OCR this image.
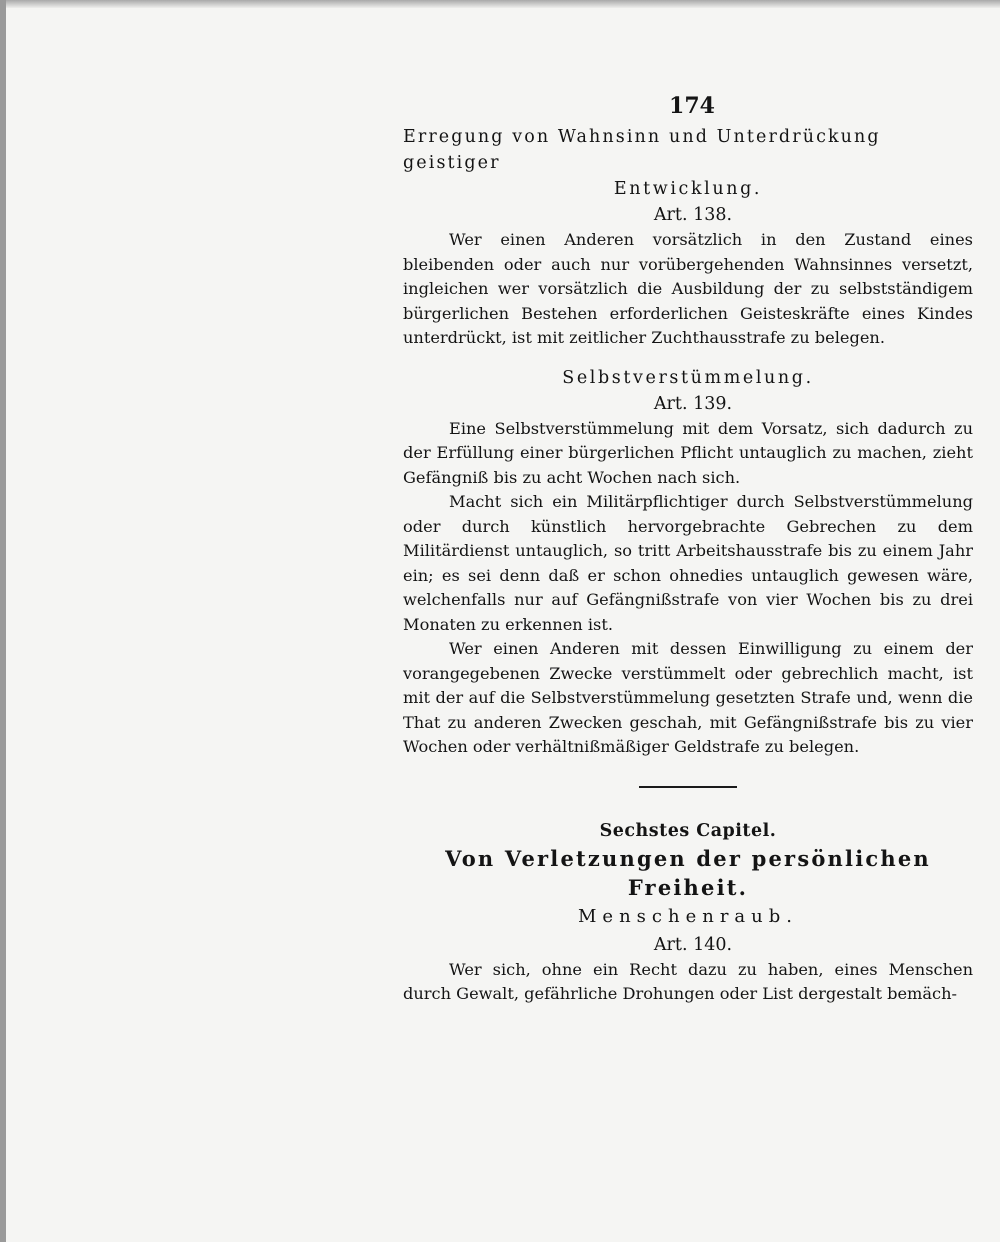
174
Erregung von Wahnsinn und Unterdrückung geistiger
Entwicklung.
Art. 138.

Wer einen Anderen vorsätzlich in den Zustand eines bleibenden oder auch nur vorübergehenden Wahnsinnes versetzt, ingleichen wer vorsätzlich die Ausbildung der zu selbstständigem bürgerlichen Bestehen erforderlichen Geisteskräfte eines Kindes unterdrückt, ist mit zeitlicher Zuchthausstrafe zu belegen.

Selbstverstümmelung.
Art. 139.

Eine Selbstverstümmelung mit dem Vorsatz, sich dadurch zu der Erfüllung einer bürgerlichen Pflicht untauglich zu machen, zieht Gefängniß bis zu acht Wochen nach sich.

Macht sich ein Militärpflichtiger durch Selbstverstümmelung oder durch künstlich hervorgebrachte Gebrechen zu dem Militärdienst untauglich, so tritt Arbeitshausstrafe bis zu einem Jahr ein; es sei denn daß er schon ohnedies untauglich gewesen wäre, welchenfalls nur auf Gefängnißstrafe von vier Wochen bis zu drei Monaten zu erkennen ist.

Wer einen Anderen mit dessen Einwilligung zu einem der vorangegebenen Zwecke verstümmelt oder gebrechlich macht, ist mit der auf die Selbstverstümmelung gesetzten Strafe und, wenn die That zu anderen Zwecken geschah, mit Gefängnißstrafe bis zu vier Wochen oder verhältnißmäßiger Geldstrafe zu belegen.

Sechstes Capitel.
Von Verletzungen der persönlichen
Freiheit.
Menschenraub.
Art. 140.

Wer sich, ohne ein Recht dazu zu haben, eines Menschen durch Gewalt, gefährliche Drohungen oder List dergestalt bemäch-
